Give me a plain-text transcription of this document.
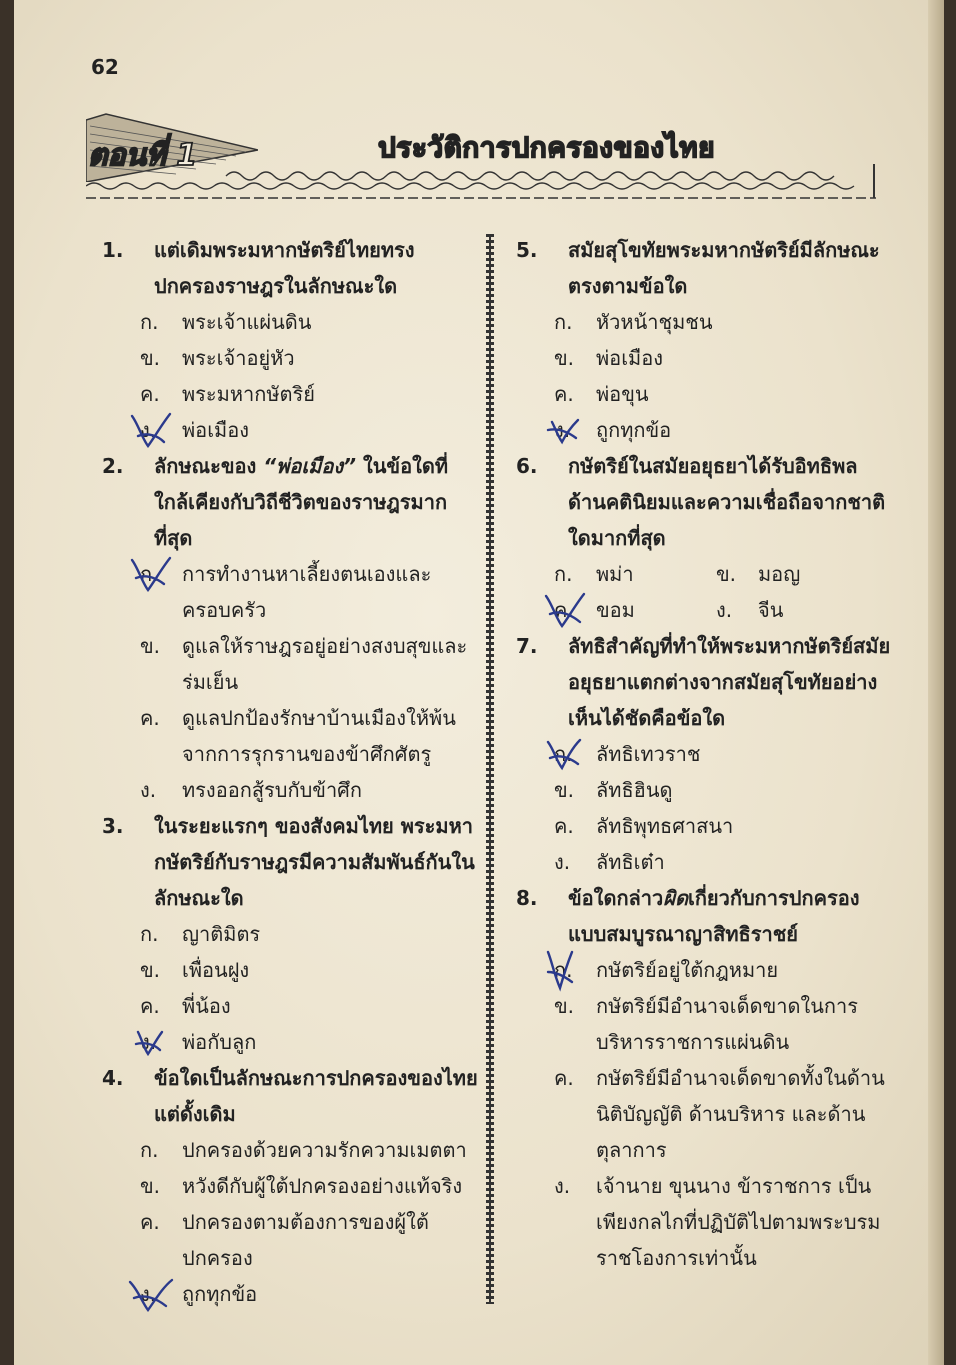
62
ตอนที่ 1	ประวัติการปกครองของไทย
1.	แต่เดิมพระมหากษัตริย์ไทยทรงปกครองราษฎรในลักษณะใด
ก.	พระเจ้าแผ่นดิน
ข.	พระเจ้าอยู่หัว
ค.	พระมหากษัตริย์
ง.	พ่อเมือง
2.	ลักษณะของ “พ่อเมือง” ในข้อใดที่ใกล้เคียงกับวิถีชีวิตของราษฎรมากที่สุด
ก.	การทำงานหาเลี้ยงตนเองและครอบครัว
ข.	ดูแลให้ราษฎรอยู่อย่างสงบสุขและร่มเย็น
ค.	ดูแลปกป้องรักษาบ้านเมืองให้พ้นจากการรุกรานของข้าศึกศัตรู
ง.	ทรงออกสู้รบกับข้าศึก
3.	ในระยะแรกๆ ของสังคมไทย พระมหากษัตริย์กับราษฎรมีความสัมพันธ์กันในลักษณะใด
ก.	ญาติมิตร
ข.	เพื่อนฝูง
ค.	พี่น้อง
ง.	พ่อกับลูก
4.	ข้อใดเป็นลักษณะการปกครองของไทยแต่ดั้งเดิม
ก.	ปกครองด้วยความรักความเมตตา
ข.	หวังดีกับผู้ใต้ปกครองอย่างแท้จริง
ค.	ปกครองตามต้องการของผู้ใต้ปกครอง
ง.	ถูกทุกข้อ
5.	สมัยสุโขทัยพระมหากษัตริย์มีลักษณะตรงตามข้อใด
ก.	หัวหน้าชุมชน
ข.	พ่อเมือง
ค.	พ่อขุน
ง.	ถูกทุกข้อ
6.	กษัตริย์ในสมัยอยุธยาได้รับอิทธิพลด้านคตินิยมและความเชื่อถือจากชาติใดมากที่สุด
ก.	พม่า	ข.	มอญ
ค.	ขอม	ง.	จีน
7.	ลัทธิสำคัญที่ทำให้พระมหากษัตริย์สมัยอยุธยาแตกต่างจากสมัยสุโขทัยอย่างเห็นได้ชัดคือข้อใด
ก.	ลัทธิเทวราช
ข.	ลัทธิฮินดู
ค.	ลัทธิพุทธศาสนา
ง.	ลัทธิเต๋า
8.	ข้อใดกล่าวผิดเกี่ยวกับการปกครองแบบสมบูรณาญาสิทธิราชย์
ก.	กษัตริย์อยู่ใต้กฎหมาย
ข.	กษัตริย์มีอำนาจเด็ดขาดในการบริหารราชการแผ่นดิน
ค.	กษัตริย์มีอำนาจเด็ดขาดทั้งในด้านนิติบัญญัติ ด้านบริหาร และด้านตุลาการ
ง.	เจ้านาย ขุนนาง ข้าราชการ เป็นเพียงกลไกที่ปฏิบัติไปตามพระบรมราชโองการเท่านั้น
